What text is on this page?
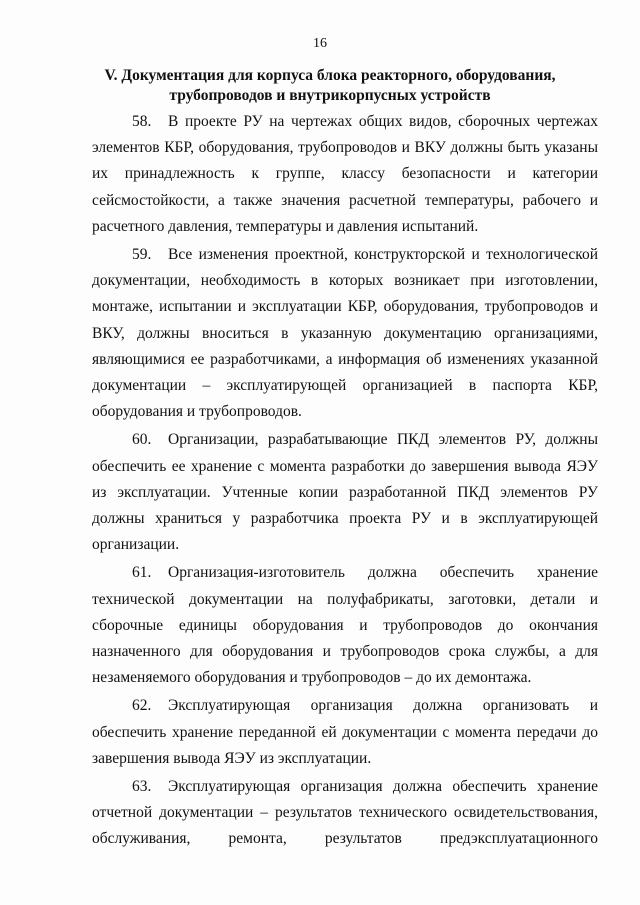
16
V. Документация для корпуса блока реакторного, оборудования,
трубопроводов и внутрикорпусных устройств

58. В проекте РУ на чертежах общих видов, сборочных чертежах элементов КБР, оборудования, трубопроводов и ВКУ должны быть указаны их принадлежность к группе, классу безопасности и категории сейсмостойкости, а также значения расчетной температуры, рабочего и расчетного давления, температуры и давления испытаний.

59. Все изменения проектной, конструкторской и технологической документации, необходимость в которых возникает при изготовлении, монтаже, испытании и эксплуатации КБР, оборудования, трубопроводов и ВКУ, должны вноситься в указанную документацию организациями, являющимися ее разработчиками, а информация об изменениях указанной документации – эксплуатирующей организацией в паспорта КБР, оборудования и трубопроводов.

60. Организации, разрабатывающие ПКД элементов РУ, должны обеспечить ее хранение с момента разработки до завершения вывода ЯЭУ из эксплуатации. Учтенные копии разработанной ПКД элементов РУ должны храниться у разработчика проекта РУ и в эксплуатирующей организации.

61. Организация-изготовитель должна обеспечить хранение технической документации на полуфабрикаты, заготовки, детали и сборочные единицы оборудования и трубопроводов до окончания назначенного для оборудования и трубопроводов срока службы, а для незаменяемого оборудования и трубопроводов – до их демонтажа.

62. Эксплуатирующая организация должна организовать и обеспечить хранение переданной ей документации с момента передачи до завершения вывода ЯЭУ из эксплуатации.

63. Эксплуатирующая организация должна обеспечить хранение отчетной документации – результатов технического освидетельствования, обслуживания, ремонта, результатов предэксплуатационного
